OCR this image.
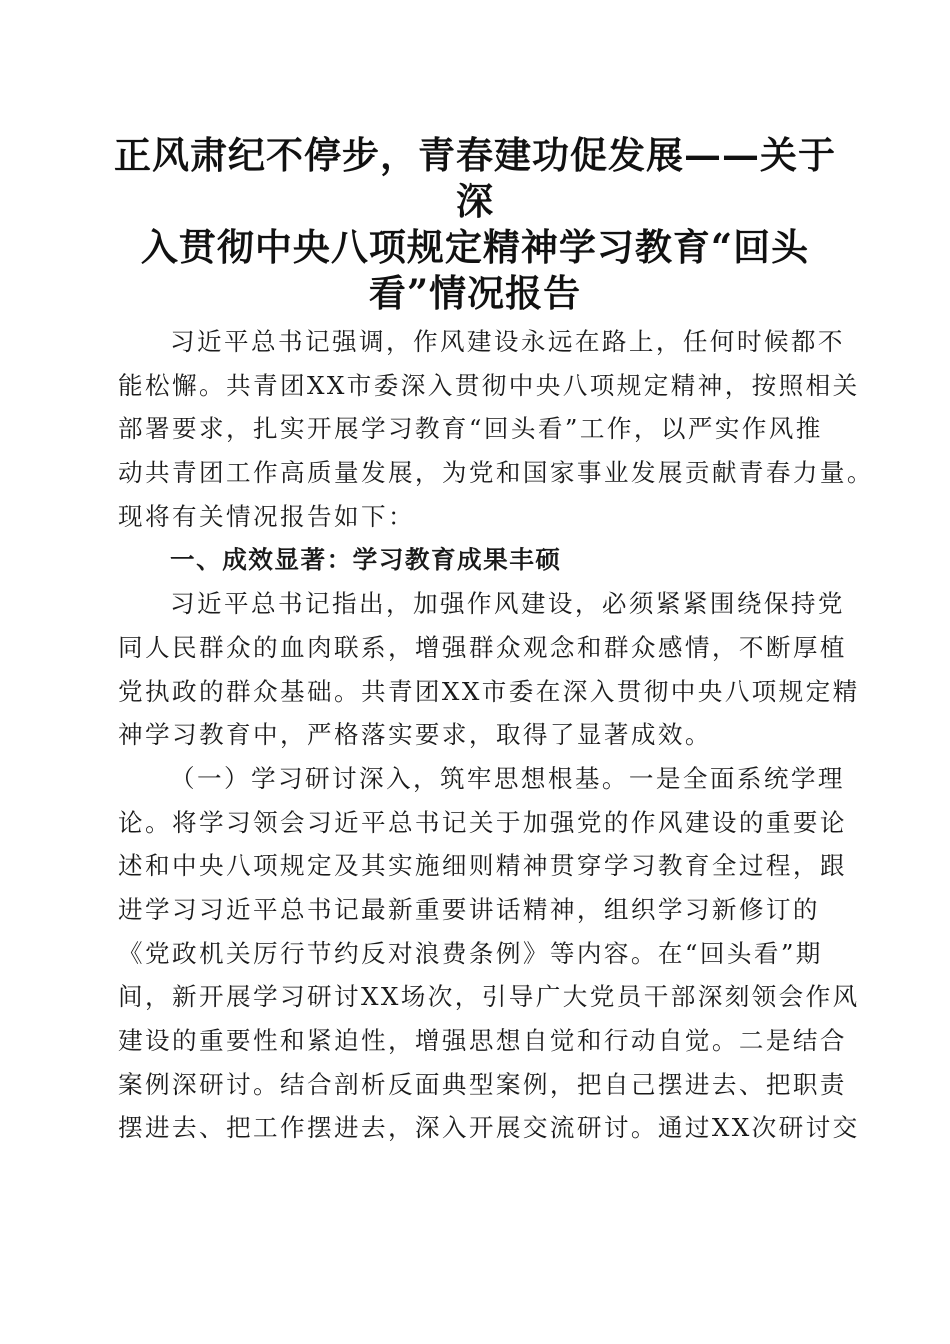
正风肃纪不停步，青春建功促发展——关于深
入贯彻中央八项规定精神学习教育“回头
看”情况报告
习近平总书记强调，作风建设永远在路上，任何时候都不
能松懈。共青团XX市委深入贯彻中央八项规定精神，按照相关
部署要求，扎实开展学习教育“回头看”工作，以严实作风推
动共青团工作高质量发展，为党和国家事业发展贡献青春力量。
现将有关情况报告如下：
一、成效显著：学习教育成果丰硕
习近平总书记指出，加强作风建设，必须紧紧围绕保持党
同人民群众的血肉联系，增强群众观念和群众感情，不断厚植
党执政的群众基础。共青团XX市委在深入贯彻中央八项规定精
神学习教育中，严格落实要求，取得了显著成效。
（一）学习研讨深入，筑牢思想根基。一是全面系统学理
论。将学习领会习近平总书记关于加强党的作风建设的重要论
述和中央八项规定及其实施细则精神贯穿学习教育全过程，跟
进学习习近平总书记最新重要讲话精神，组织学习新修订的
《党政机关厉行节约反对浪费条例》等内容。在“回头看”期
间，新开展学习研讨XX场次，引导广大党员干部深刻领会作风
建设的重要性和紧迫性，增强思想自觉和行动自觉。二是结合
案例深研讨。结合剖析反面典型案例，把自己摆进去、把职责
摆进去、把工作摆进去，深入开展交流研讨。通过XX次研讨交
